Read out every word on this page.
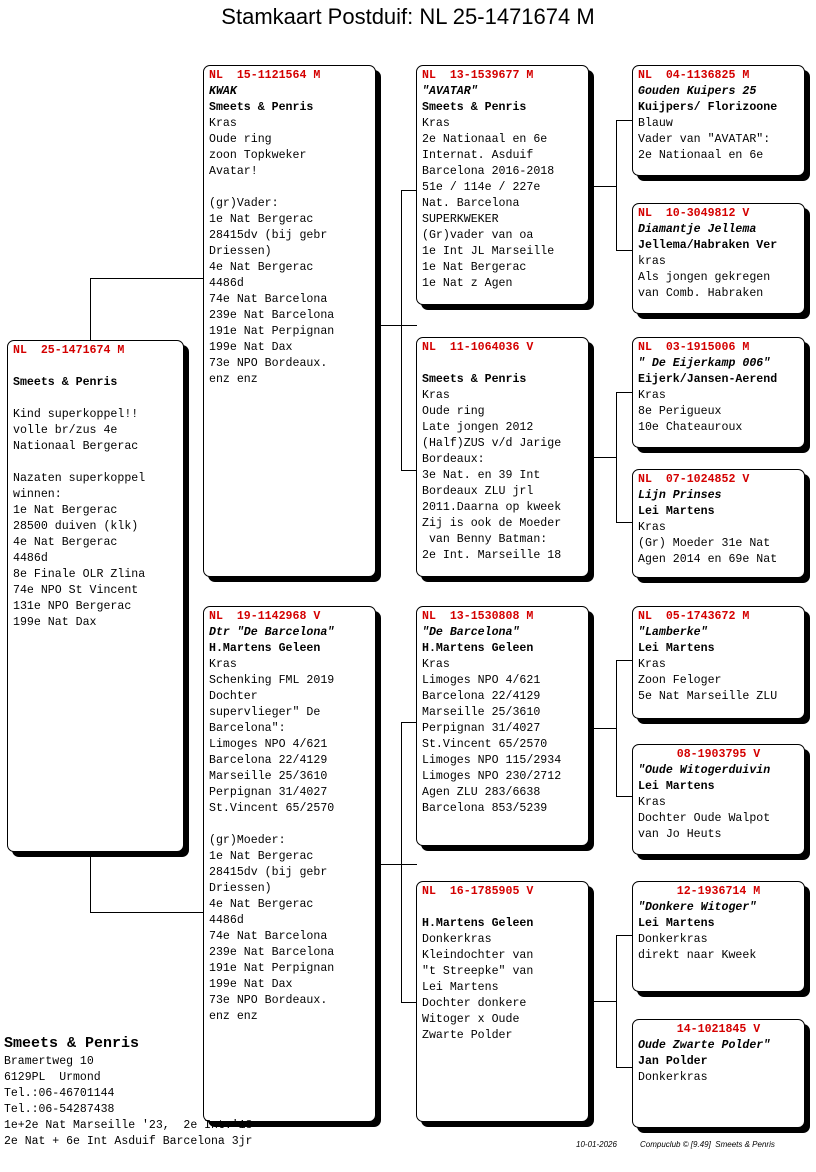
Stamkaart Postduif: NL 25-1471674 M
NL  25-1471674 M
Smeets & Penris
Kind superkoppel!!
volle br/zus 4e
Nationaal Bergerac
Nazaten superkoppel
winnen:
1e Nat Bergerac
28500 duiven (klk)
4e Nat Bergerac
4486d
8e Finale OLR Zlina
74e NPO St Vincent
131e NPO Bergerac
199e Nat Dax
NL  15-1121564 M
KWAK
Smeets & Penris
Kras
Oude ring
zoon Topkweker
Avatar!
(gr)Vader:
1e Nat Bergerac
28415dv (bij gebr
Driessen)
4e Nat Bergerac
4486d
74e Nat Barcelona
239e Nat Barcelona
191e Nat Perpignan
199e Nat Dax
73e NPO Bordeaux.
enz enz
NL  19-1142968 V
Dtr "De Barcelona"
H.Martens Geleen
Kras
Schenking FML 2019
Dochter
supervlieger" De
Barcelona":
Limoges NPO 4/621
Barcelona 22/4129
Marseille 25/3610
Perpignan 31/4027
St.Vincent 65/2570
(gr)Moeder:
1e Nat Bergerac
28415dv (bij gebr
Driessen)
4e Nat Bergerac
4486d
74e Nat Barcelona
239e Nat Barcelona
191e Nat Perpignan
199e Nat Dax
73e NPO Bordeaux.
enz enz
NL  13-1539677 M
"AVATAR"
Smeets & Penris
Kras
2e Nationaal en 6e
Internat. Asduif
Barcelona 2016-2018
51e / 114e / 227e
Nat. Barcelona
SUPERKWEKER
(Gr)vader van oa
1e Int JL Marseille
1e Nat Bergerac
1e Nat z Agen
NL  11-1064036 V
Smeets & Penris
Kras
Oude ring
Late jongen 2012
(Half)ZUS v/d Jarige
Bordeaux:
3e Nat. en 39 Int
Bordeaux ZLU jrl
2011.Daarna op kweek
Zij is ook de Moeder
van Benny Batman:
2e Int. Marseille 18
NL  13-1530808 M
"De Barcelona"
H.Martens Geleen
Kras
Limoges NPO 4/621
Barcelona 22/4129
Marseille 25/3610
Perpignan 31/4027
St.Vincent 65/2570
Limoges NPO 115/2934
Limoges NPO 230/2712
Agen ZLU 283/6638
Barcelona 853/5239
NL  16-1785905 V
H.Martens Geleen
Donkerkras
Kleindochter van
"t Streepke" van
Lei Martens
Dochter donkere
Witoger x Oude
Zwarte Polder
NL  04-1136825 M
Gouden Kuipers 25
Kuijpers/ Florizoone
Blauw
Vader van "AVATAR":
2e Nationaal en 6e
NL  10-3049812 V
Diamantje Jellema
Jellema/Habraken Ver
kras
Als jongen gekregen
van Comb. Habraken
NL  03-1915006 M
" De Eijerkamp 006"
Eijerk/Jansen-Aerend
Kras
8e Perigueux
10e Chateauroux
NL  07-1024852 V
Lijn Prinses
Lei Martens
Kras
(Gr) Moeder 31e Nat
Agen 2014 en 69e Nat
NL  05-1743672 M
"Lamberke"
Lei Martens
Kras
Zoon Feloger
5e Nat Marseille ZLU
08-1903795 V
"Oude Witogerduivin
Lei Martens
Kras
Dochter Oude Walpot
van Jo Heuts
12-1936714 M
"Donkere Witoger"
Lei Martens
Donkerkras
direkt naar Kweek
14-1021845 V
Oude Zwarte Polder"
Jan Polder
Donkerkras
Smeets & Penris
Bramertweg 10
6129PL  Urmond
Tel.:06-46701144
Tel.:06-54287438
1e+2e Nat Marseille '23,  2e Int.'18
2e Nat + 6e Int Asduif Barcelona 3jr	10-01-2026	Compuclub © [9.49]  Smeets & Penris
